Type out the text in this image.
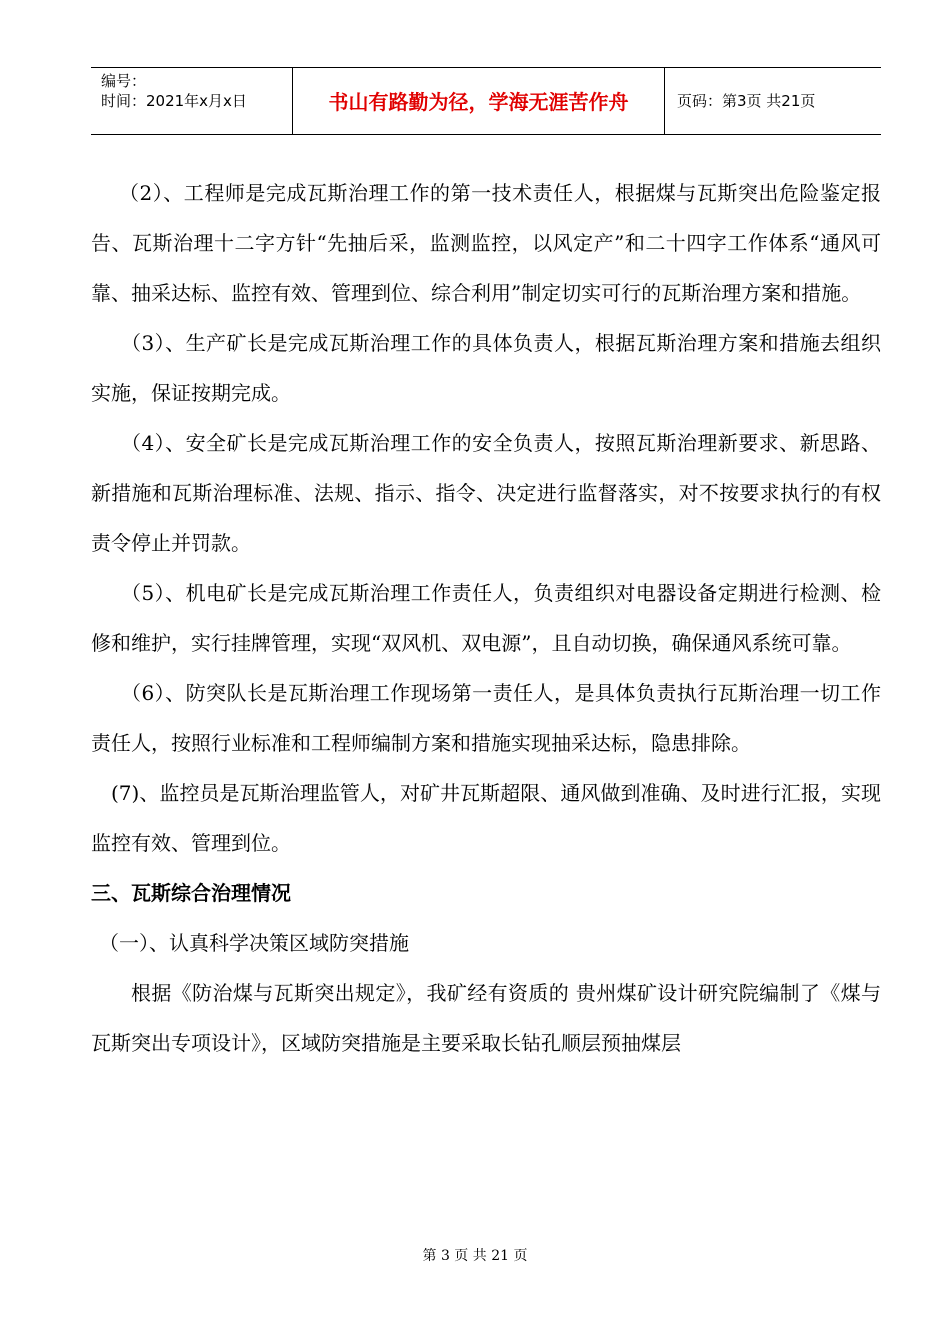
编号：
时间：2021年x月x日	书山有路勤为径，学海无涯苦作舟	页码：第3页 共21页

（2）、工程师是完成瓦斯治理工作的第一技术责任人，根据煤与瓦斯突出危险鉴定报告、瓦斯治理十二字方针“先抽后采，监测监控，以风定产”和二十四字工作体系“通风可靠、抽采达标、监控有效、管理到位、综合利用”制定切实可行的瓦斯治理方案和措施。

（3）、生产矿长是完成瓦斯治理工作的具体负责人，根据瓦斯治理方案和措施去组织实施，保证按期完成。

（4）、安全矿长是完成瓦斯治理工作的安全负责人，按照瓦斯治理新要求、新思路、新措施和瓦斯治理标准、法规、指示、指令、决定进行监督落实，对不按要求执行的有权责令停止并罚款。

（5）、机电矿长是完成瓦斯治理工作责任人，负责组织对电器设备定期进行检测、检修和维护，实行挂牌管理，实现“双风机、双电源”，且自动切换，确保通风系统可靠。

（6）、防突队长是瓦斯治理工作现场第一责任人，是具体负责执行瓦斯治理一切工作责任人，按照行业标准和工程师编制方案和措施实现抽采达标，隐患排除。

(7)、监控员是瓦斯治理监管人，对矿井瓦斯超限、通风做到准确、及时进行汇报，实现监控有效、管理到位。

三、瓦斯综合治理情况

（一）、认真科学决策区域防突措施

根据《防治煤与瓦斯突出规定》，我矿经有资质的 贵州煤矿设计研究院编制了《煤与瓦斯突出专项设计》，区域防突措施是主要采取长钻孔顺层预抽煤层

第 3 页 共 21 页
